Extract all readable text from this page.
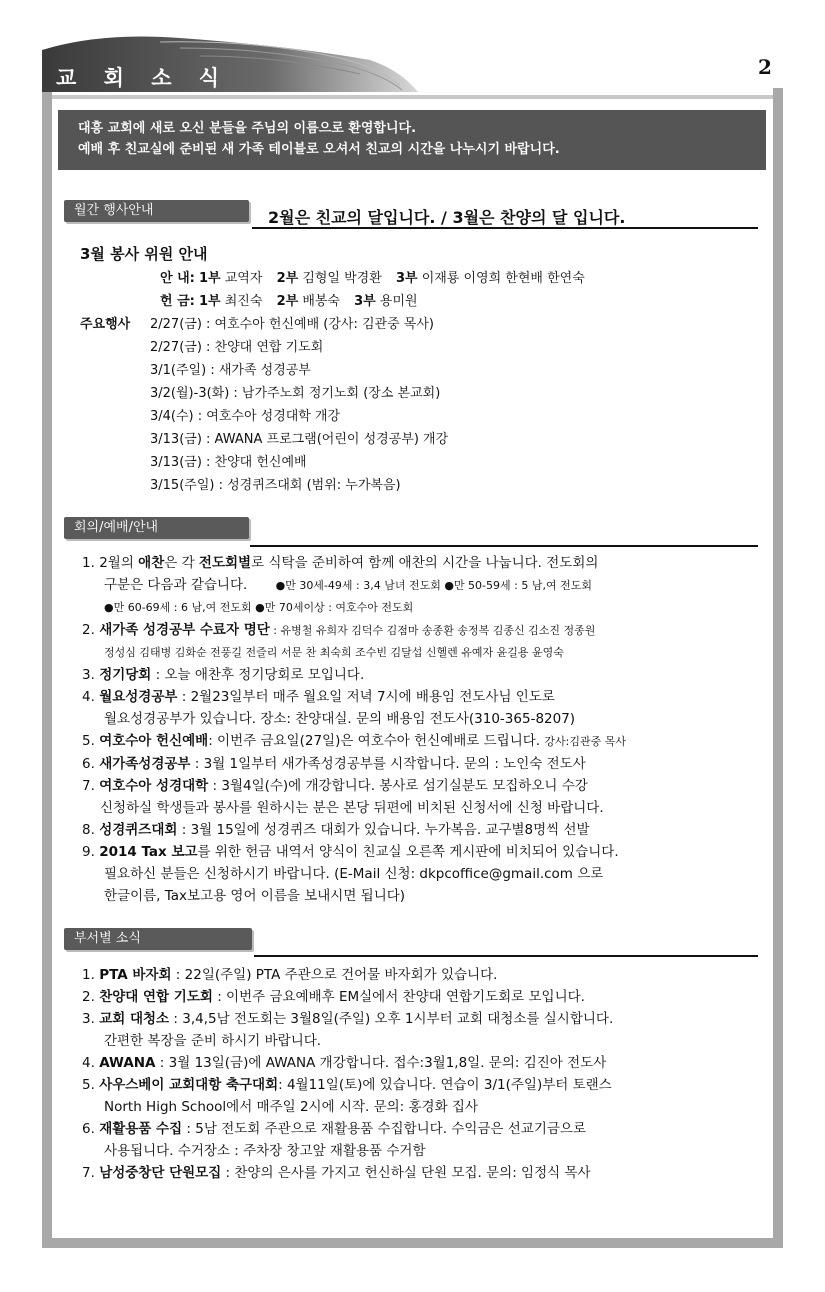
교 회 소 식	2
대흥 교회에 새로 오신 분들을 주님의 이름으로 환영합니다.
예배 후 친교실에 준비된 새 가족 테이블로 오셔서 친교의 시간을 나누시기 바랍니다.
월간 행사안내	2월은 친교의 달입니다. / 3월은 찬양의 달 입니다.
3월 봉사 위원 안내
안 내: 1부 교역자 2부 김형일 박경환 3부 이재룡 이영희 한현배 한연숙
헌 금: 1부 최진숙 2부 배봉숙 3부 용미원
주요행사 2/27(금) : 여호수아 헌신예배 (강사: 김관중 목사)
2/27(금) : 찬양대 연합 기도회
3/1(주일) : 새가족 성경공부
3/2(월)-3(화) : 남가주노회 정기노회 (장소 본교회)
3/4(수) : 여호수아 성경대학 개강
3/13(금) : AWANA 프로그램(어린이 성경공부) 개강
3/13(금) : 찬양대 헌신예배
3/15(주일) : 성경퀴즈대회 (범위: 누가복음)
회의/예배/안내
1. 2월의 애찬은 각 전도회별로 식탁을 준비하여 함께 애찬의 시간을 나눕니다. 전도회의
구분은 다음과 같습니다.	●만 30세-49세 : 3,4 남녀 전도회 ●만 50-59세 : 5 남,여 전도회
●만 60-69세 : 6 남,여 전도회 ●만 70세이상 : 여호수아 전도회
2. 새가족 성경공부 수료자 명단 : 유병철 유희자 김덕수 김점마 송종환 송정복 김종신 김소진 정종원
정성심 김태병 김화순 전풍길 전즐리 서문 찬 최숙희 조수빈 김달섭 신헬렌 유예자 윤길용 윤영숙
3. 정기당회 : 오늘 애찬후 정기당회로 모입니다.
4. 월요성경공부 : 2월23일부터 매주 월요일 저녁 7시에 배용임 전도사님 인도로
월요성경공부가 있습니다. 장소: 찬양대실. 문의 배용임 전도사(310-365-8207)
5. 여호수아 헌신예배: 이번주 금요일(27일)은 여호수아 헌신예배로 드립니다. 강사:김관중 목사
6. 새가족성경공부 : 3월 1일부터 새가족성경공부를 시작합니다. 문의 : 노인숙 전도사
7. 여호수아 성경대학 : 3월4일(수)에 개강합니다. 봉사로 섬기실분도 모집하오니 수강
신청하실 학생들과 봉사를 원하시는 분은 본당 뒤편에 비치된 신청서에 신청 바랍니다.
8. 성경퀴즈대회 : 3월 15일에 성경퀴즈 대회가 있습니다. 누가복음. 교구별8명씩 선발
9. 2014 Tax 보고를 위한 헌금 내역서 양식이 친교실 오른쪽 게시판에 비치되어 있습니다.
필요하신 분들은 신청하시기 바랍니다. (E-Mail 신청: dkpcoffice@gmail.com 으로
한글이름, Tax보고용 영어 이름을 보내시면 됩니다)
부서별 소식
1. PTA 바자회 : 22일(주일) PTA 주관으로 건어물 바자회가 있습니다.
2. 찬양대 연합 기도회 : 이번주 금요예배후 EM실에서 찬양대 연합기도회로 모입니다.
3. 교회 대청소 : 3,4,5남 전도회는 3월8일(주일) 오후 1시부터 교회 대청소를 실시합니다.
간편한 복장을 준비 하시기 바랍니다.
4. AWANA : 3월 13일(금)에 AWANA 개강합니다. 접수:3월1,8일. 문의: 김진아 전도사
5. 사우스베이 교회대항 축구대회: 4월11일(토)에 있습니다. 연습이 3/1(주일)부터 토랜스
North High School에서 매주일 2시에 시작. 문의: 홍경화 집사
6. 재활용품 수집 : 5남 전도회 주관으로 재활용품 수집합니다. 수익금은 선교기금으로
사용됩니다. 수거장소 : 주차장 창고앞 재활용품 수거함
7. 남성중창단 단원모집 : 찬양의 은사를 가지고 헌신하실 단원 모집. 문의: 임정식 목사
